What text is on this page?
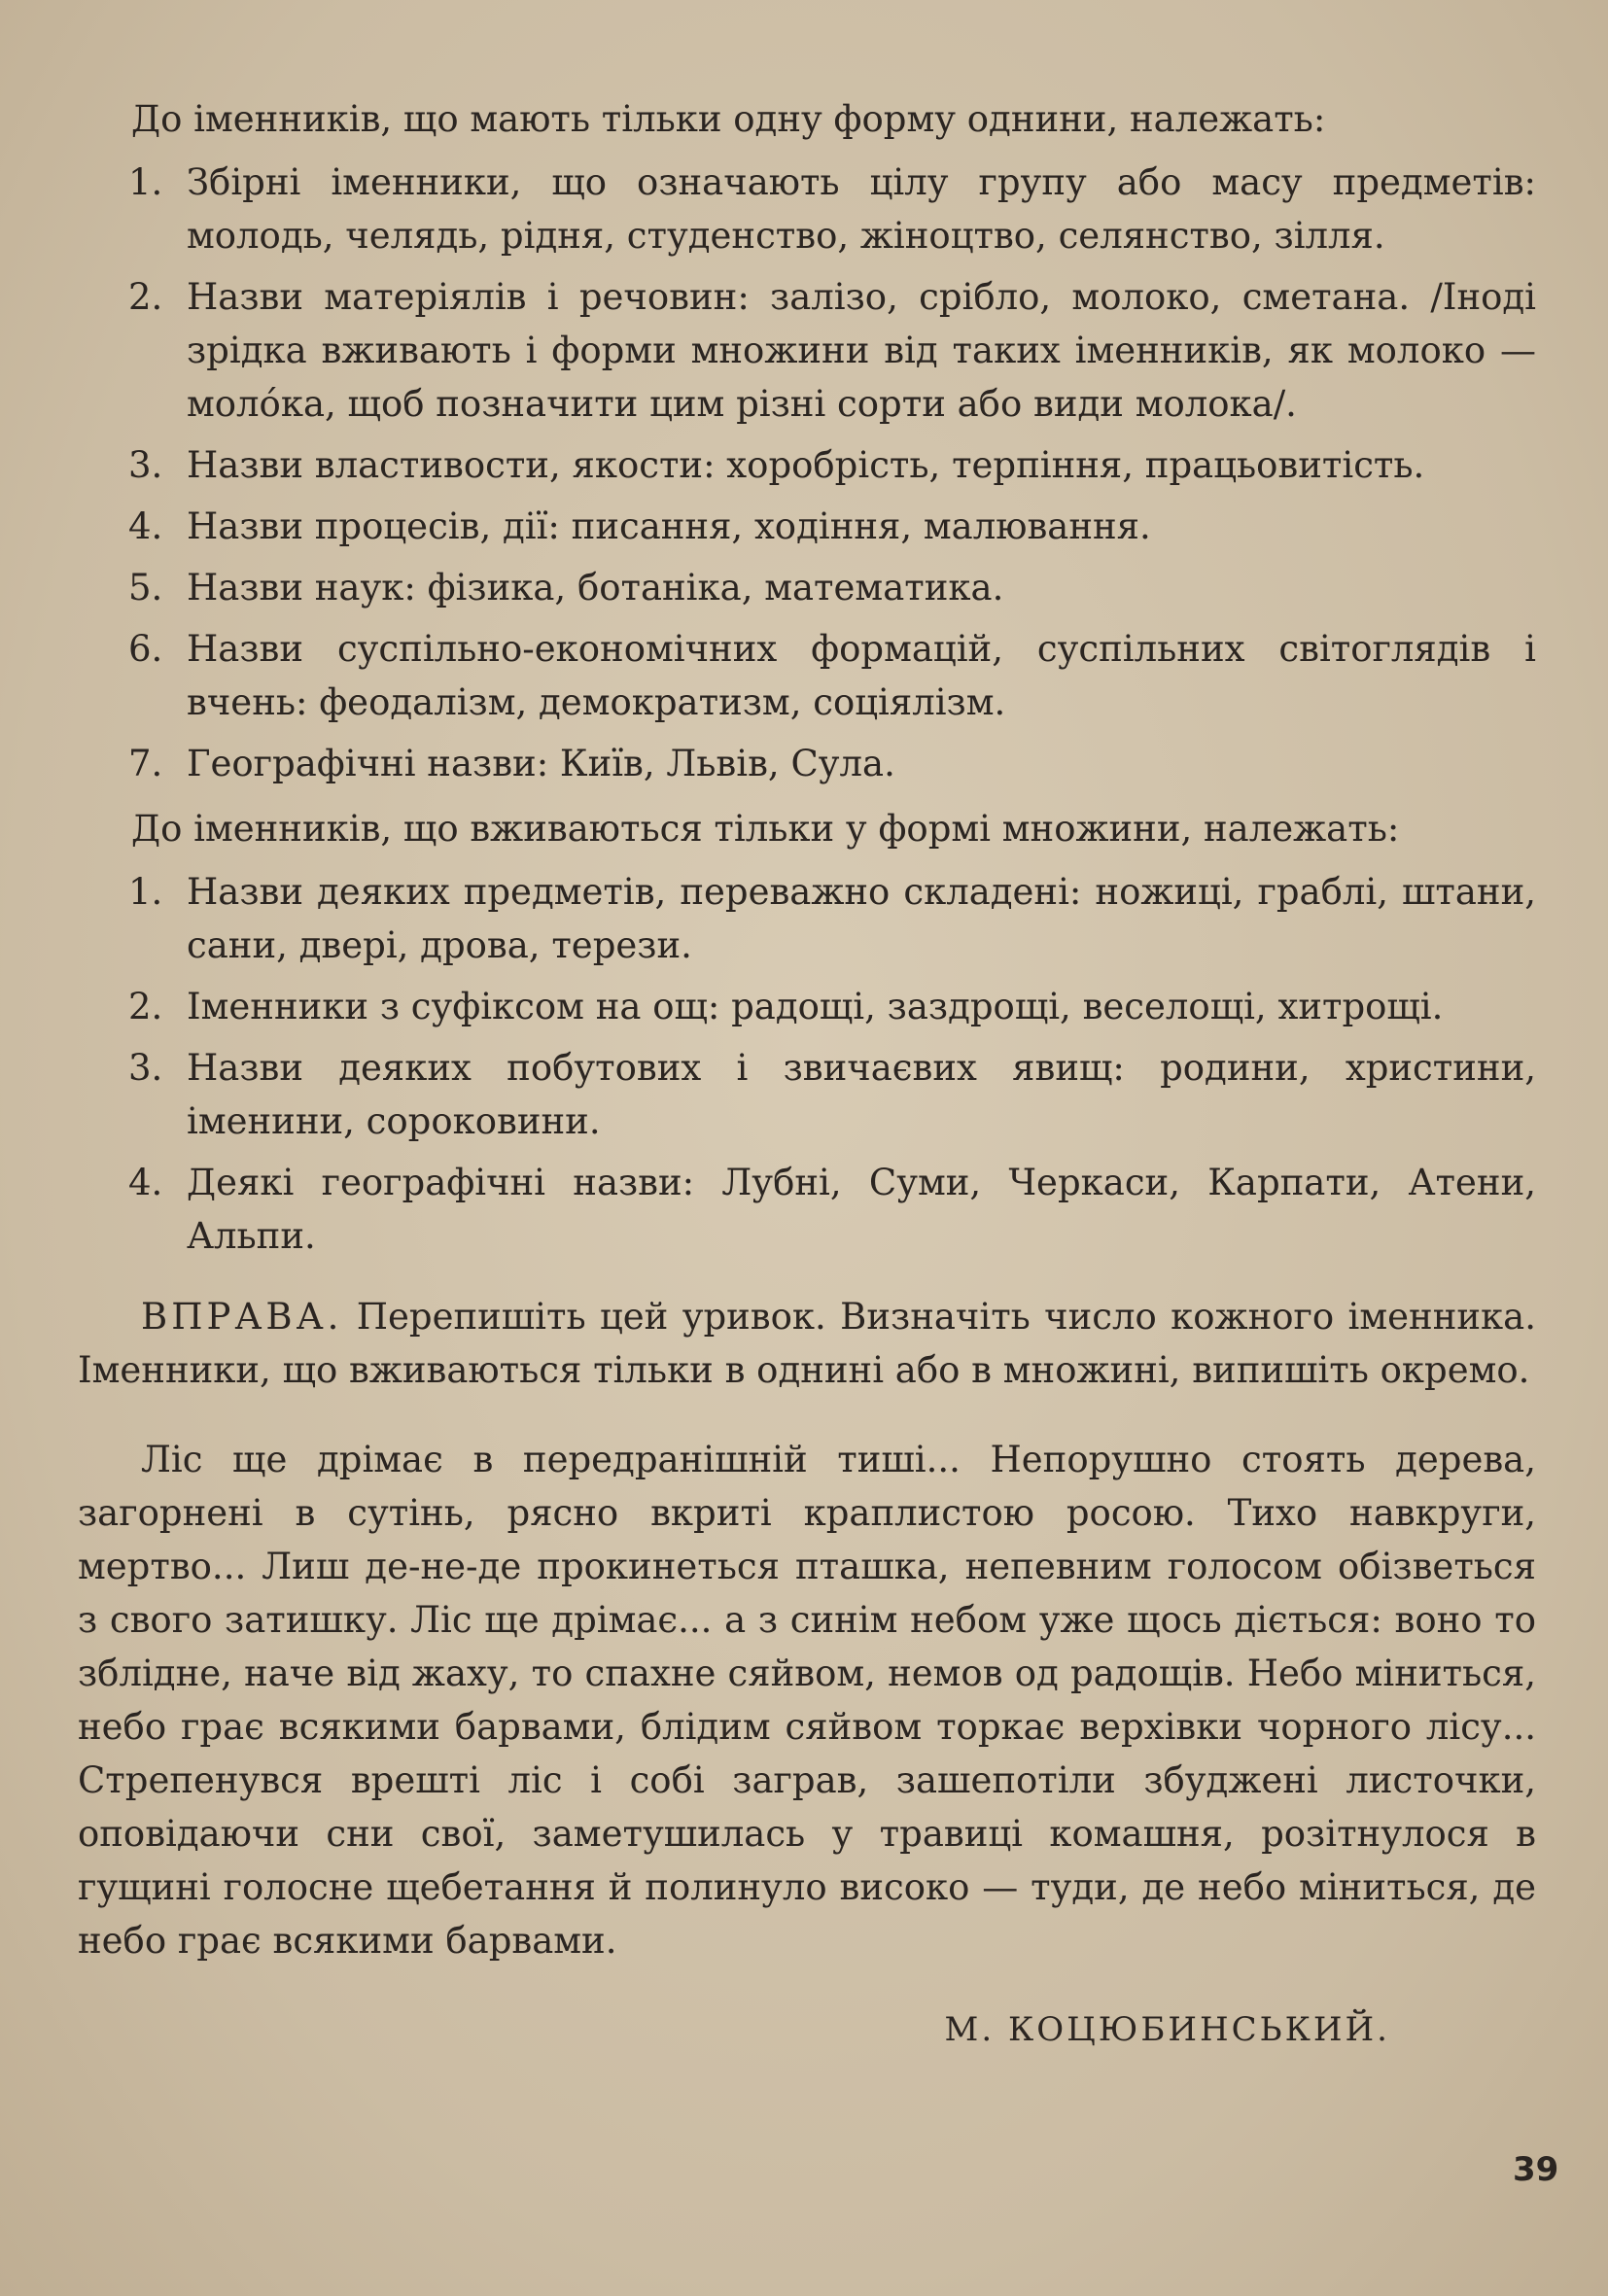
До іменників, що мають тільки одну форму однини, належать:
1. Збірні іменники, що означають цілу групу або масу предметів: молодь, челядь, рідня, студенство, жіноцтво, селянство, зілля.
2. Назви матеріялів і речовин: залізо, срібло, молоко, сметана. /Іноді зрідка вживають і форми множини від таких іменників, як молоко — молóка, щоб позначити цим різні сорти або види молока/.
3. Назви властивости, якости: хоробрість, терпіння, працьовитість.
4. Назви процесів, дії: писання, ходіння, малювання.
5. Назви наук: фізика, ботаніка, математика.
6. Назви суспільно-економічних формацій, суспільних світоглядів і вчень: феодалізм, демократизм, соціялізм.
7. Географічні назви: Київ, Львів, Сула.
До іменників, що вживаються тільки у формі множини, належать:
1. Назви деяких предметів, переважно складені: ножиці, граблі, штани, сани, двері, дрова, терези.
2. Іменники з суфіксом на ощ: радощі, заздрощі, веселощі, хитрощі.
3. Назви деяких побутових і звичаєвих явищ: родини, христини, іменини, сороковини.
4. Деякі географічні назви: Лубні, Суми, Черкаси, Карпати, Атени, Альпи.

ВПРАВА. Перепишіть цей уривок. Визначіть число кожного іменника. Іменники, що вживаються тільки в однині або в множині, випишіть окремо.

Ліс ще дрімає в передранішній тиші... Непорушно стоять дерева, загорнені в сутінь, рясно вкриті краплистою росою. Тихо навкруги, мертво... Лиш де-не-де прокинеться пташка, непевним голосом обізветься з свого затишку. Ліс ще дрімає... а з синім небом уже щось діється: воно то зблідне, наче від жаху, то спахне сяйвом, немов од радощів. Небо міниться, небо грає всякими барвами, блідим сяйвом торкає верхівки чорного лісу... Стрепенувся врешті ліс і собі заграв, зашепотіли збуджені листочки, оповідаючи сни свої, заметушилась у травиці комашня, розітнулося в гущині голосне щебетання й полинуло високо — туди, де небо міниться, де небо грає всякими барвами.

М. КОЦЮБИНСЬКИЙ.
39
